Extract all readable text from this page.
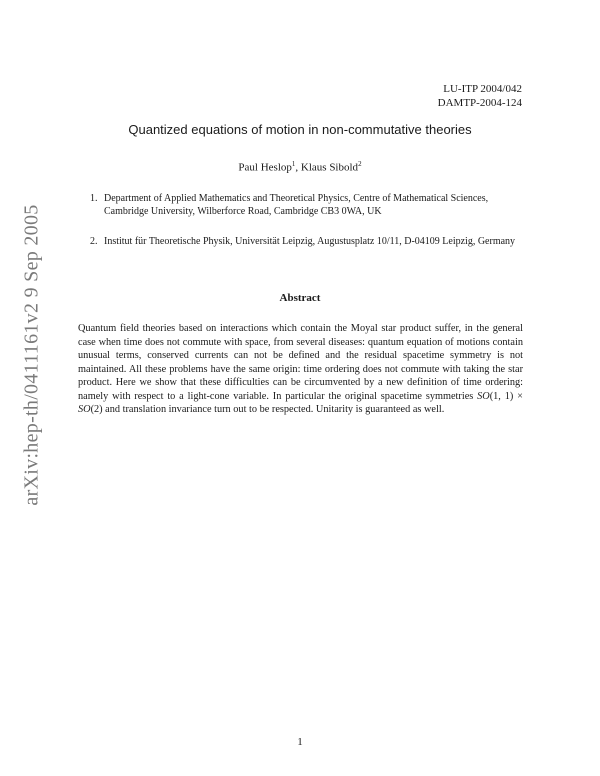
LU-ITP 2004/042
DAMTP-2004-124
Quantized equations of motion in non-commutative theories
Paul Heslop$^1$, Klaus Sibold$^2$
1. Department of Applied Mathematics and Theoretical Physics, Centre of Mathematical Sciences, Cambridge University, Wilberforce Road, Cambridge CB3 0WA, UK
2. Institut für Theoretische Physik, Universität Leipzig, Augustusplatz 10/11, D-04109 Leipzig, Germany
Abstract
Quantum field theories based on interactions which contain the Moyal star product suffer, in the general case when time does not commute with space, from several diseases: quantum equation of motions contain unusual terms, conserved currents can not be defined and the residual spacetime symmetry is not maintained. All these problems have the same origin: time ordering does not commute with taking the star product. Here we show that these difficulties can be circumvented by a new definition of time ordering: namely with respect to a light-cone variable. In particular the original spacetime symmetries SO(1, 1) × SO(2) and translation invariance turn out to be respected. Unitarity is guaranteed as well.
arXiv:hep-th/0411161v2 9 Sep 2005
1
